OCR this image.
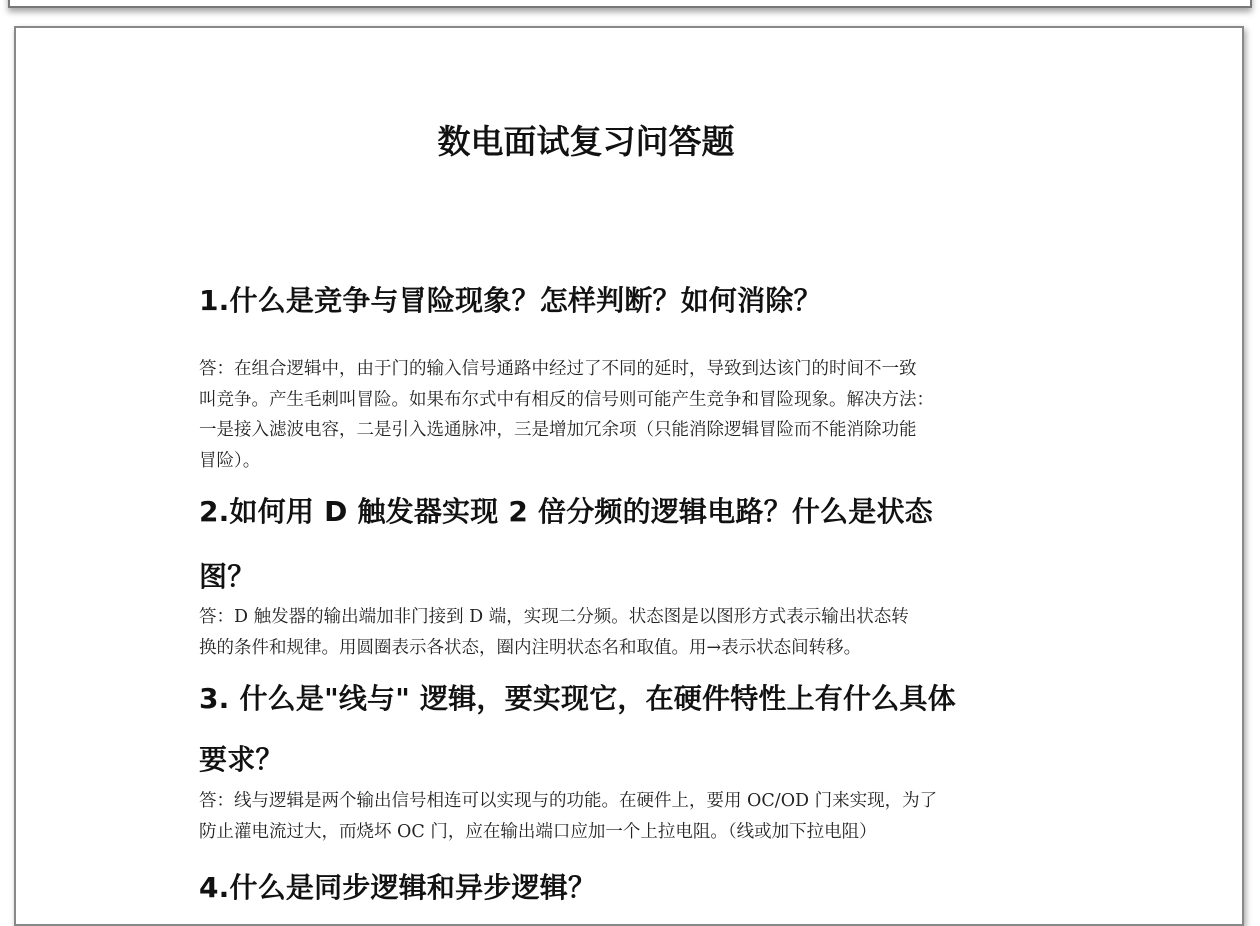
数电面试复习问答题
1.什么是竞争与冒险现象？怎样判断？如何消除？

答：在组合逻辑中，由于门的输入信号通路中经过了不同的延时，导致到达该门的时间不一致
叫竞争。产生毛刺叫冒险。如果布尔式中有相反的信号则可能产生竞争和冒险现象。解决方法：
一是接入滤波电容，二是引入选通脉冲，三是增加冗余项（只能消除逻辑冒险而不能消除功能
冒险）。

2.如何用 D 触发器实现 2 倍分频的逻辑电路？什么是状态
图？

答：D 触发器的输出端加非门接到 D 端，实现二分频。状态图是以图形方式表示输出状态转
换的条件和规律。用圆圈表示各状态，圈内注明状态名和取值。用→表示状态间转移。

3. 什么是"线与" 逻辑，要实现它，在硬件特性上有什么具体
要求？

答：线与逻辑是两个输出信号相连可以实现与的功能。在硬件上，要用 OC/OD 门来实现，为了
防止灌电流过大，而烧坏 OC 门，应在输出端口应加一个上拉电阻。（线或加下拉电阻）

4.什么是同步逻辑和异步逻辑？
